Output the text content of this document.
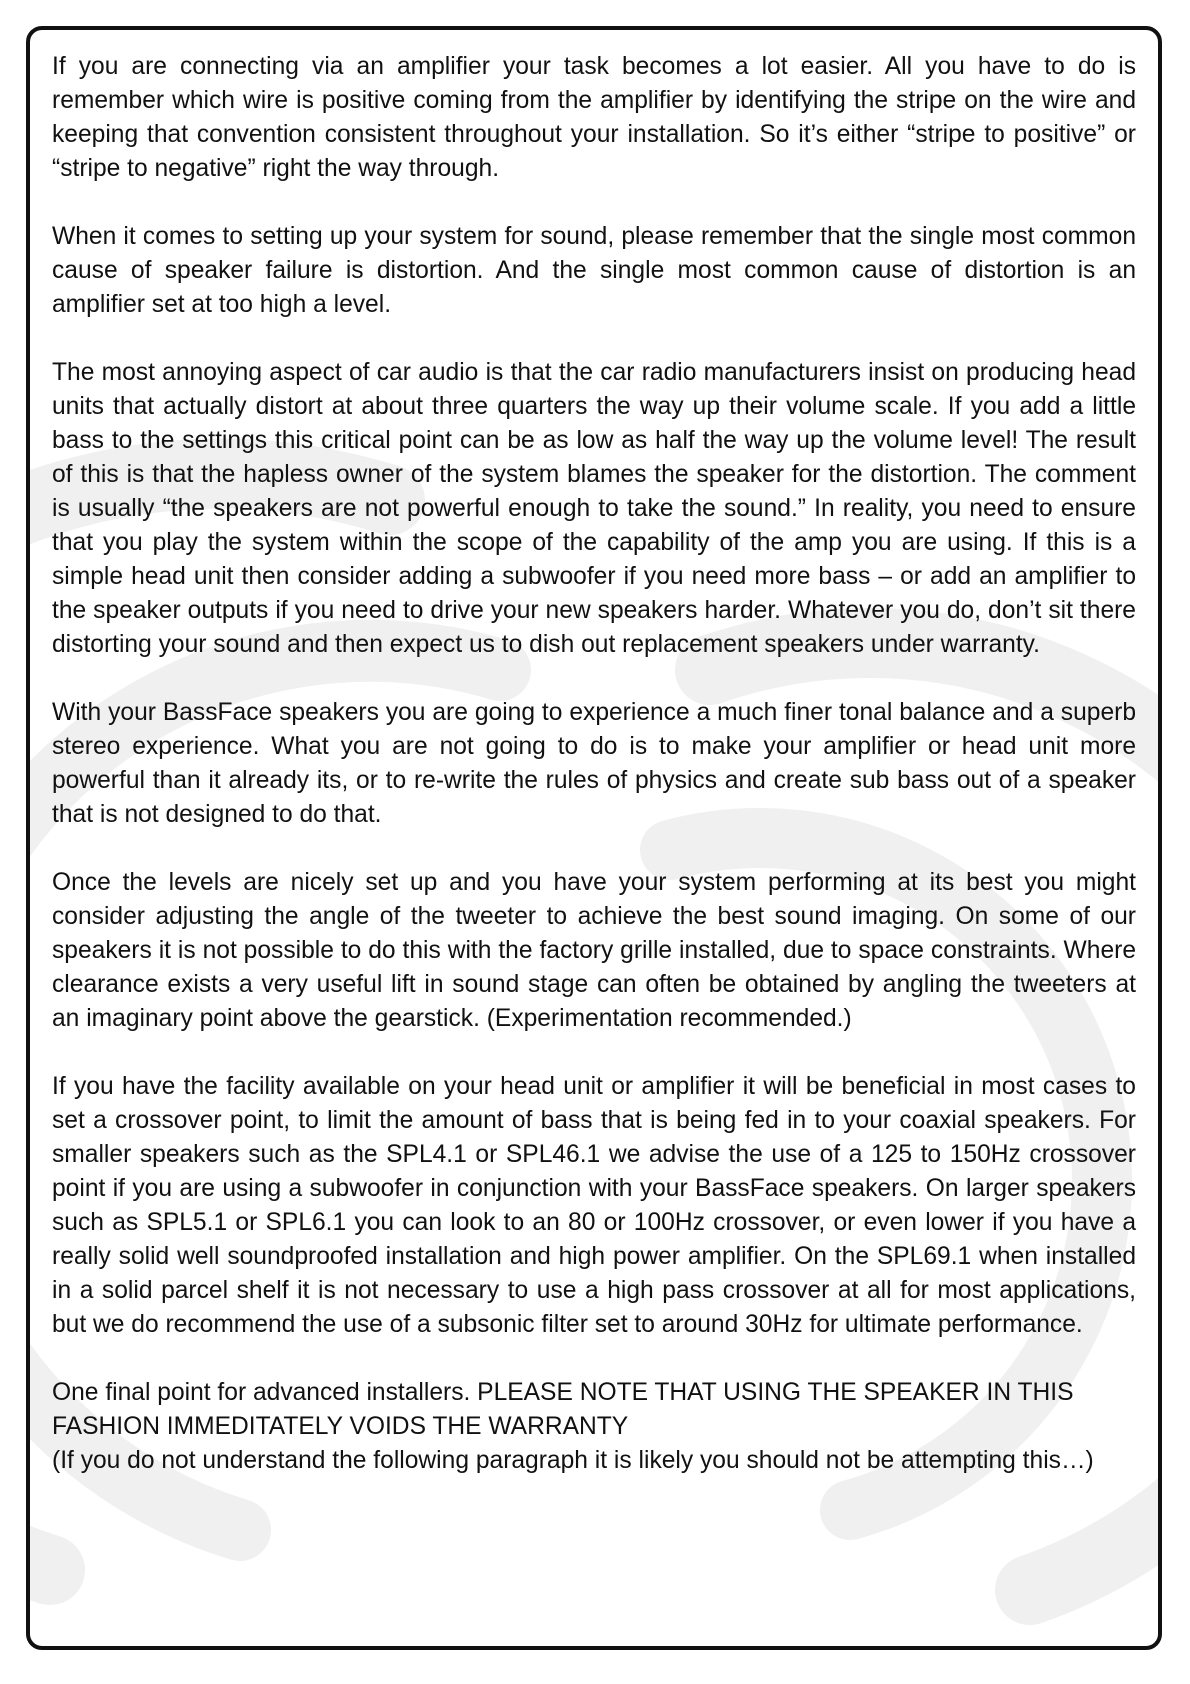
If you are connecting via an amplifier your task becomes a lot easier. All you have to do is remember which wire is positive coming from the amplifier by identifying the stripe on the wire and keeping that convention consistent throughout your installation. So it’s either “stripe to positive” or “stripe to negative” right the way through.

When it comes to setting up your system for sound, please remember that the single most common cause of speaker failure is distortion. And the single most common cause of distortion is an amplifier set at too high a level.

The most annoying aspect of car audio is that the car radio manufacturers insist on producing head units that actually distort at about three quarters the way up their volume scale. If you add a little bass to the settings this critical point can be as low as half the way up the volume level! The result of this is that the hapless owner of the system blames the speaker for the distortion. The comment is usually “the speakers are not powerful enough to take the sound.” In reality, you need to ensure that you play the system within the scope of the capability of the amp you are using. If this is a simple head unit then consider adding a subwoofer if you need more bass – or add an amplifier to the speaker outputs if you need to drive your new speakers harder. Whatever you do, don’t sit there distorting your sound and then expect us to dish out replacement speakers under warranty.

With your BassFace speakers you are going to experience a much finer tonal balance and a superb stereo experience. What you are not going to do is to make your amplifier or head unit more powerful than it already its, or to re-write the rules of physics and create sub bass out of a speaker that is not designed to do that.

Once the levels are nicely set up and you have your system performing at its best you might consider adjusting the angle of the tweeter to achieve the best sound imaging. On some of our speakers it is not possible to do this with the factory grille installed, due to space constraints. Where clearance exists a very useful lift in sound stage can often be obtained by angling the tweeters at an imaginary point above the gearstick. (Experimentation recommended.)

If you have the facility available on your head unit or amplifier it will be beneficial in most cases to set a crossover point, to limit the amount of bass that is being fed in to your coaxial speakers. For smaller speakers such as the SPL4.1 or SPL46.1 we advise the use of a 125 to 150Hz crossover point if you are using a subwoofer in conjunction with your BassFace speakers. On larger speakers such as SPL5.1 or SPL6.1 you can look to an 80 or 100Hz crossover, or even lower if you have a really solid well soundproofed installation and high power amplifier. On the SPL69.1 when installed in a solid parcel shelf it is not necessary to use a high pass crossover at all for most applications, but we do recommend the use of a subsonic filter set to around 30Hz for ultimate performance.

One final point for advanced installers. PLEASE NOTE THAT USING THE SPEAKER IN THIS FASHION IMMEDITATELY VOIDS THE WARRANTY
(If you do not understand the following paragraph it is likely you should not be attempting this…)
